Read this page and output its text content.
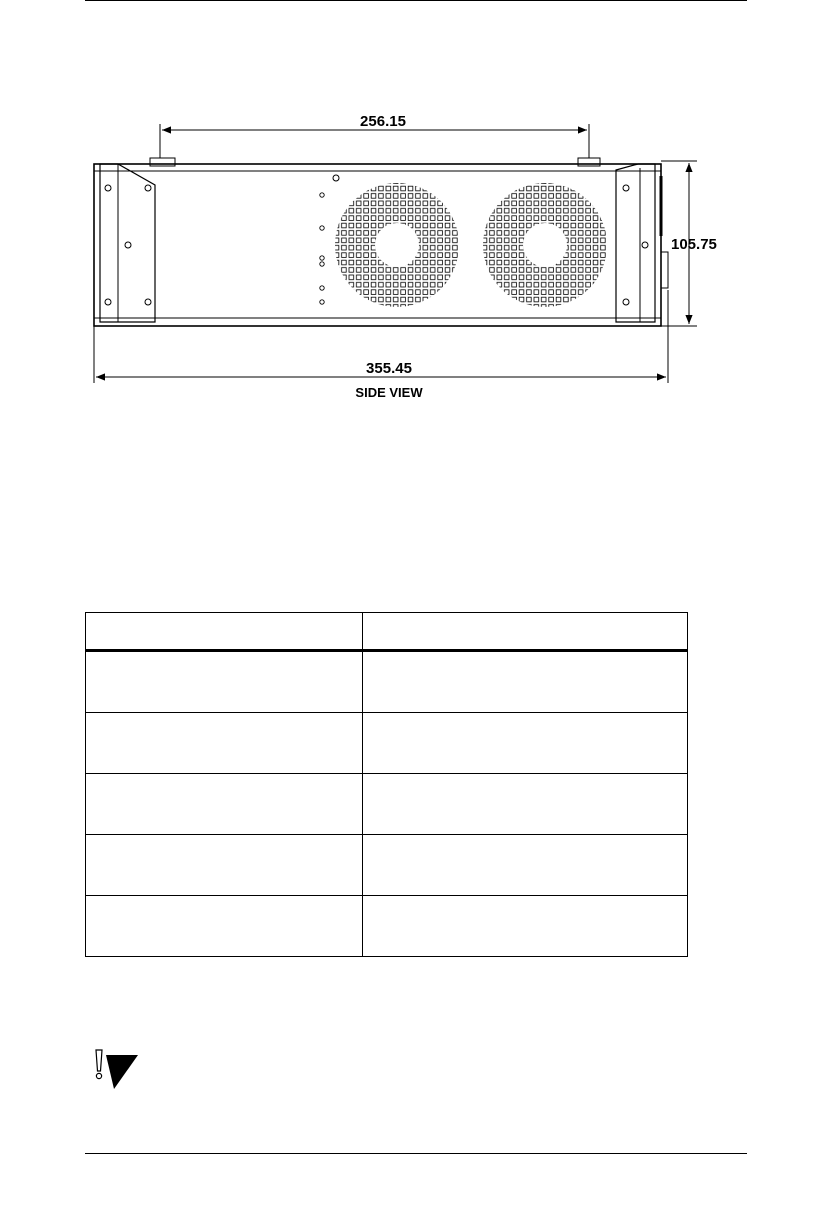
256.15
105.75
355.45
SIDE VIEW
